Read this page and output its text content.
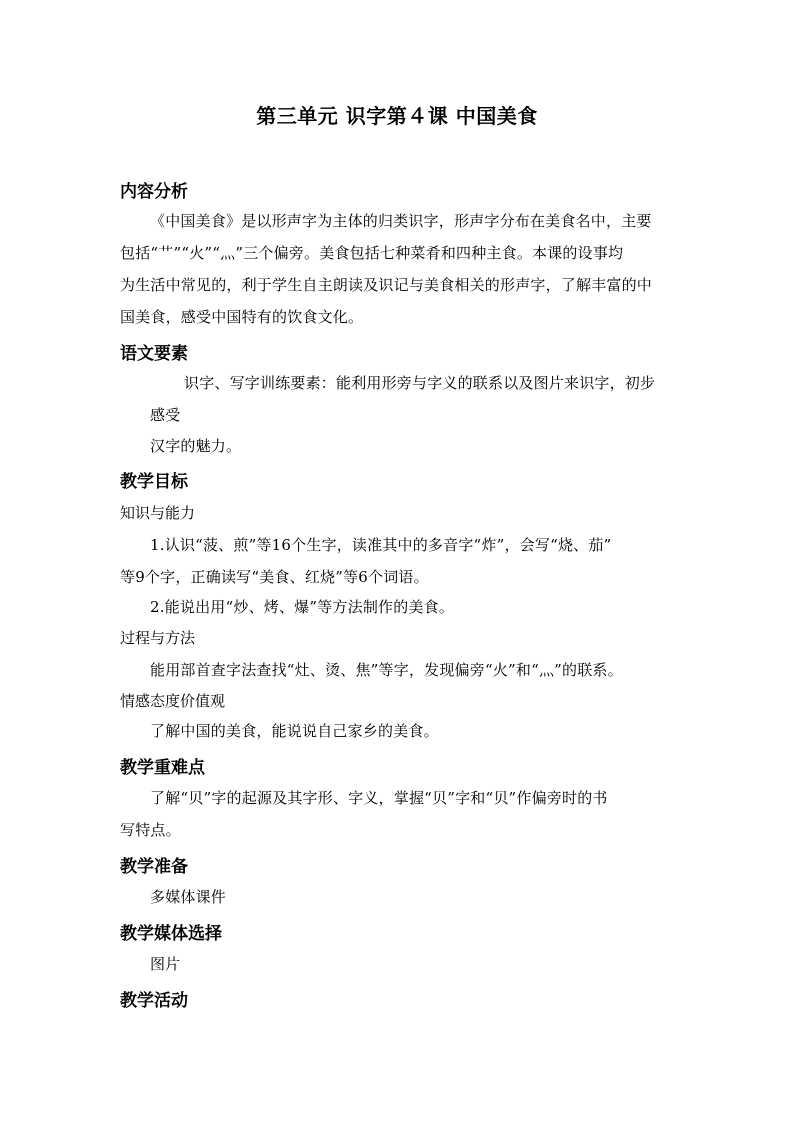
第三单元 识字第４课 中国美食
内容分析
《中国美食》是以形声字为主体的归类识字，形声字分布在美食名中，主要
包括“艹”“火”“灬”三个偏旁。美食包括七种菜肴和四种主食。本课的设事均
为生活中常见的，利于学生自主朗读及识记与美食相关的形声字，了解丰富的中
国美食，感受中国特有的饮食文化。
语文要素
识字、写字训练要素：能利用形旁与字义的联系以及图片来识字，初步
感受
汉字的魅力。
教学目标
知识与能力
1.认识“菠、煎”等16个生字，读准其中的多音字“炸”，会写“烧、茄”
等9个字，正确读写“美食、红烧”等6个词语。
2.能说出用“炒、烤、爆”等方法制作的美食。
过程与方法
能用部首查字法查找“灶、烫、焦”等字，发现偏旁“火”和“灬”的联系。
情感态度价值观
了解中国的美食，能说说自己家乡的美食。
教学重难点
了解“贝”字的起源及其字形、字义，掌握“贝”字和“贝”作偏旁时的书
写特点。
教学准备
多媒体课件
教学媒体选择
图片
教学活动
